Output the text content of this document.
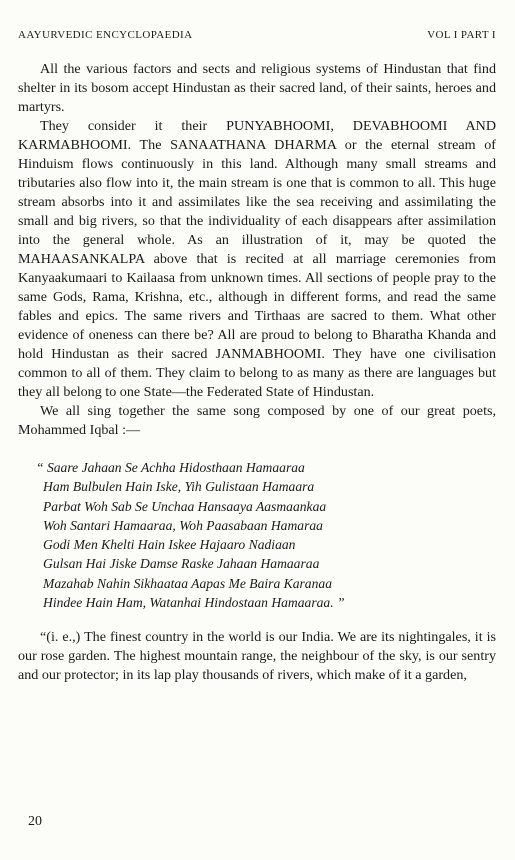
AAYURVEDIC ENCYCLOPAEDIA	VOL I PART I

All the various factors and sects and religious systems of Hindustan that find shelter in its bosom accept Hindustan as their sacred land, of their saints, heroes and martyrs.

They consider it their PUNYABHOOMI, DEVABHOOMI AND KARMABHOOMI. The SANAATHANA DHARMA or the eternal stream of Hinduism flows continuously in this land. Although many small streams and tributaries also flow into it, the main stream is one that is common to all. This huge stream absorbs into it and assimilates like the sea receiving and assimilating the small and big rivers, so that the individuality of each disappears after assimilation into the general whole. As an illustration of it, may be quoted the MAHAASANKALPA above that is recited at all marriage ceremonies from Kanyaakumaari to Kailaasa from unknown times. All sections of people pray to the same Gods, Rama, Krishna, etc., although in different forms, and read the same fables and epics. The same rivers and Tirthaas are sacred to them. What other evidence of oneness can there be? All are proud to belong to Bharatha Khanda and hold Hindustan as their sacred JANMABHOOMI. They have one civilisation common to all of them. They claim to belong to as many as there are languages but they all belong to one State—the Federated State of Hindustan.

We all sing together the same song composed by one of our great poets, Mohammed Iqbal :—

“ Saare Jahaan Se Achha Hidosthaan Hamaaraa
Ham Bulbulen Hain Iske, Yih Gulistaan Hamaara
Parbat Woh Sab Se Unchaa Hansaaya Aasmaankaa
Woh Santari Hamaaraa, Woh Paasabaan Hamaraa
Godi Men Khelti Hain Iskee Hajaaro Nadiaan
Gulsan Hai Jiske Damse Raske Jahaan Hamaaraa
Mazahab Nahin Sikhaataa Aapas Me Baira Karanaa
Hindee Hain Ham, Watanhai Hindostaan Hamaaraa. ”

“(i. e.,) The finest country in the world is our India. We are its nightingales, it is our rose garden. The highest mountain range, the neighbour of the sky, is our sentry and our protector; in its lap play thousands of rivers, which make of it a garden,

20
